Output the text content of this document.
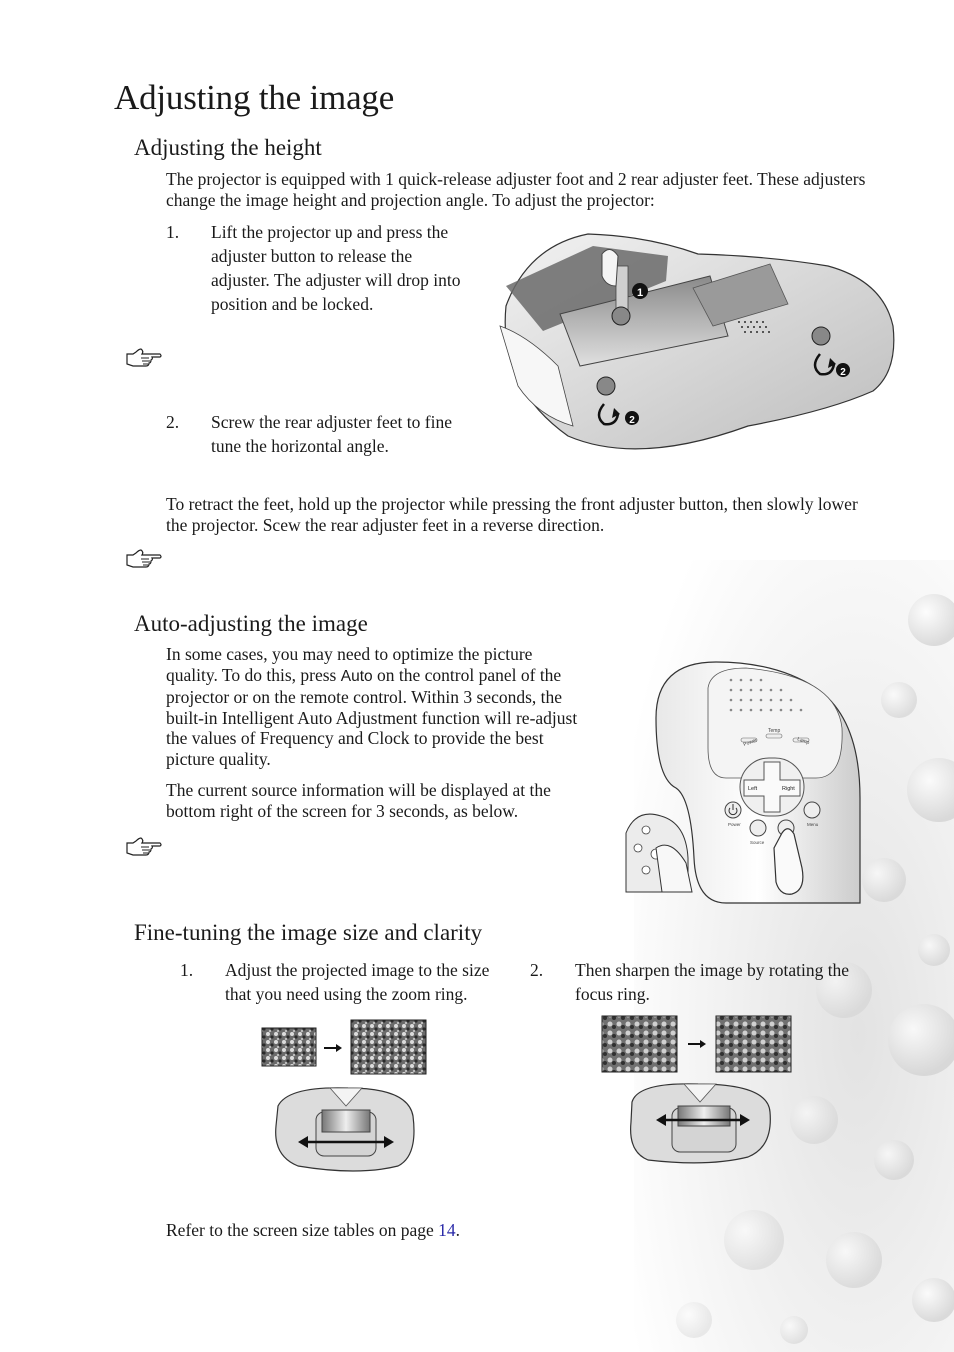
Adjusting the image
Adjusting the height

The projector is equipped with 1 quick-release adjuster foot and 2 rear adjuster feet. These adjusters change the image height and projection angle. To adjust the projector:

1. Lift the projector up and press the adjuster button to release the adjuster. The adjuster will drop into position and be locked.
2. Screw the rear adjuster feet to fine tune the horizontal angle.
1
2
2

To retract the feet, hold up the projector while pressing the front adjuster button, then slowly lower the projector. Scew the rear adjuster feet in a reverse direction.

Auto-adjusting the image

In some cases, you may need to optimize the picture quality. To do this, press Auto on the control panel of the projector or on the remote control. Within 3 seconds, the built-in Intelligent Auto Adjustment function will re-adjust the values of Frequency and Clock to provide the best picture quality.

The current source information will be displayed at the bottom right of the screen for 3 seconds, as below.

Power
Temp
Lamp
Left	Right
Power
Source
Menu
Fine-tuning the image size and clarity
1. Adjust the projected image to the size that you need using the zoom ring.
2. Then sharpen the image by rotating the focus ring.

Refer to the screen size tables on page 14.
